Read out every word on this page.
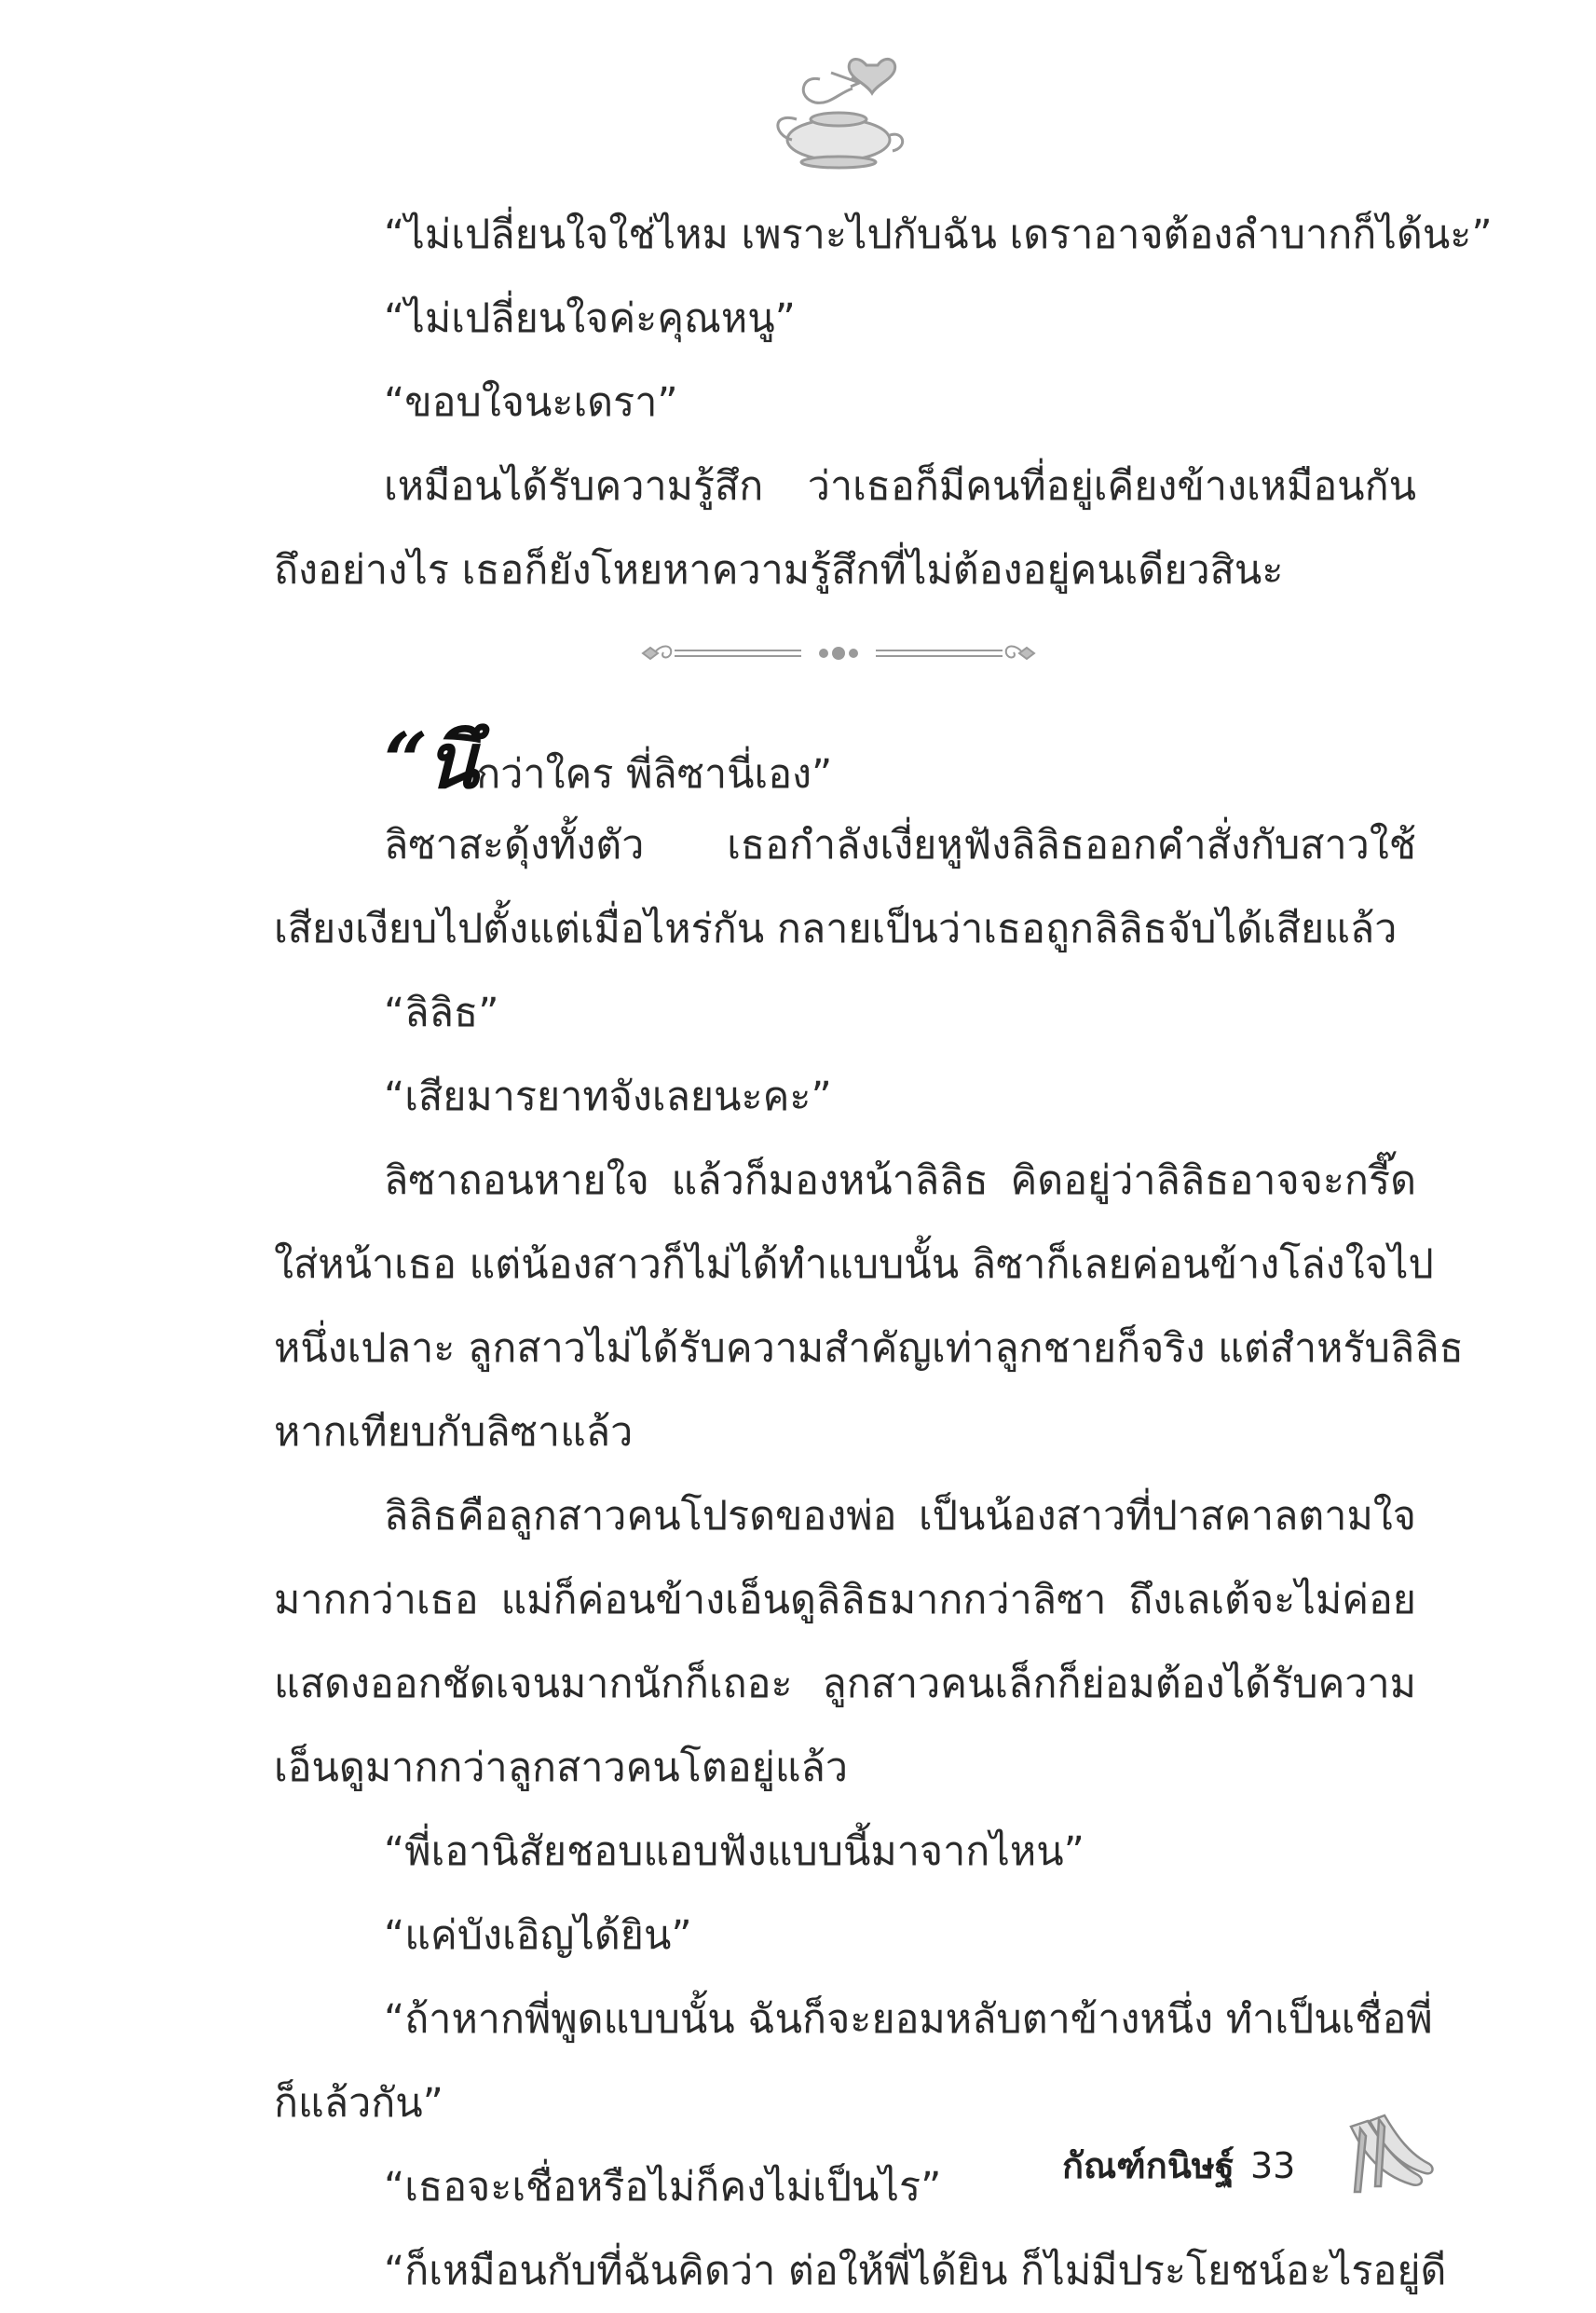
“ไม่เปลี่ยนใจใช่ไหม เพราะไปกับฉัน เดราอาจต้องลำบากก็ได้นะ”
“ไม่เปลี่ยนใจค่ะคุณหนู”
“ขอบใจนะเดรา”
เหมือนได้รับความรู้สึก ว่าเธอก็มีคนที่อยู่เคียงข้างเหมือนกัน
ถึงอย่างไร เธอก็ยังโหยหาความรู้สึกที่ไม่ต้องอยู่คนเดียวสินะ
“นึกว่าใคร พี่ลิซานี่เอง”
ลิซาสะดุ้งทั้งตัว เธอกำลังเงี่ยหูฟังลิลิธออกคำสั่งกับสาวใช้
เสียงเงียบไปตั้งแต่เมื่อไหร่กัน กลายเป็นว่าเธอถูกลิลิธจับได้เสียแล้ว
“ลิลิธ”
“เสียมารยาทจังเลยนะคะ”
ลิซาถอนหายใจ แล้วก็มองหน้าลิลิธ คิดอยู่ว่าลิลิธอาจจะกรี๊ด
ใส่หน้าเธอ แต่น้องสาวก็ไม่ได้ทำแบบนั้น ลิซาก็เลยค่อนข้างโล่งใจไป
หนึ่งเปลาะ ลูกสาวไม่ได้รับความสำคัญเท่าลูกชายก็จริง แต่สำหรับลิลิธ
หากเทียบกับลิซาแล้ว
ลิลิธคือลูกสาวคนโปรดของพ่อ เป็นน้องสาวที่ปาสคาลตามใจ
มากกว่าเธอ แม่ก็ค่อนข้างเอ็นดูลิลิธมากกว่าลิซา ถึงเลเต้จะไม่ค่อย
แสดงออกชัดเจนมากนักก็เถอะ ลูกสาวคนเล็กก็ย่อมต้องได้รับความ
เอ็นดูมากกว่าลูกสาวคนโตอยู่แล้ว
“พี่เอานิสัยชอบแอบฟังแบบนี้มาจากไหน”
“แค่บังเอิญได้ยิน”
“ถ้าหากพี่พูดแบบนั้น ฉันก็จะยอมหลับตาข้างหนึ่ง ทำเป็นเชื่อพี่
ก็แล้วกัน”
“เธอจะเชื่อหรือไม่ก็คงไม่เป็นไร”
“ก็เหมือนกับที่ฉันคิดว่า ต่อให้พี่ได้ยิน ก็ไม่มีประโยชน์อะไรอยู่ดี
กัณฑ์กนิษฐ์ 33
